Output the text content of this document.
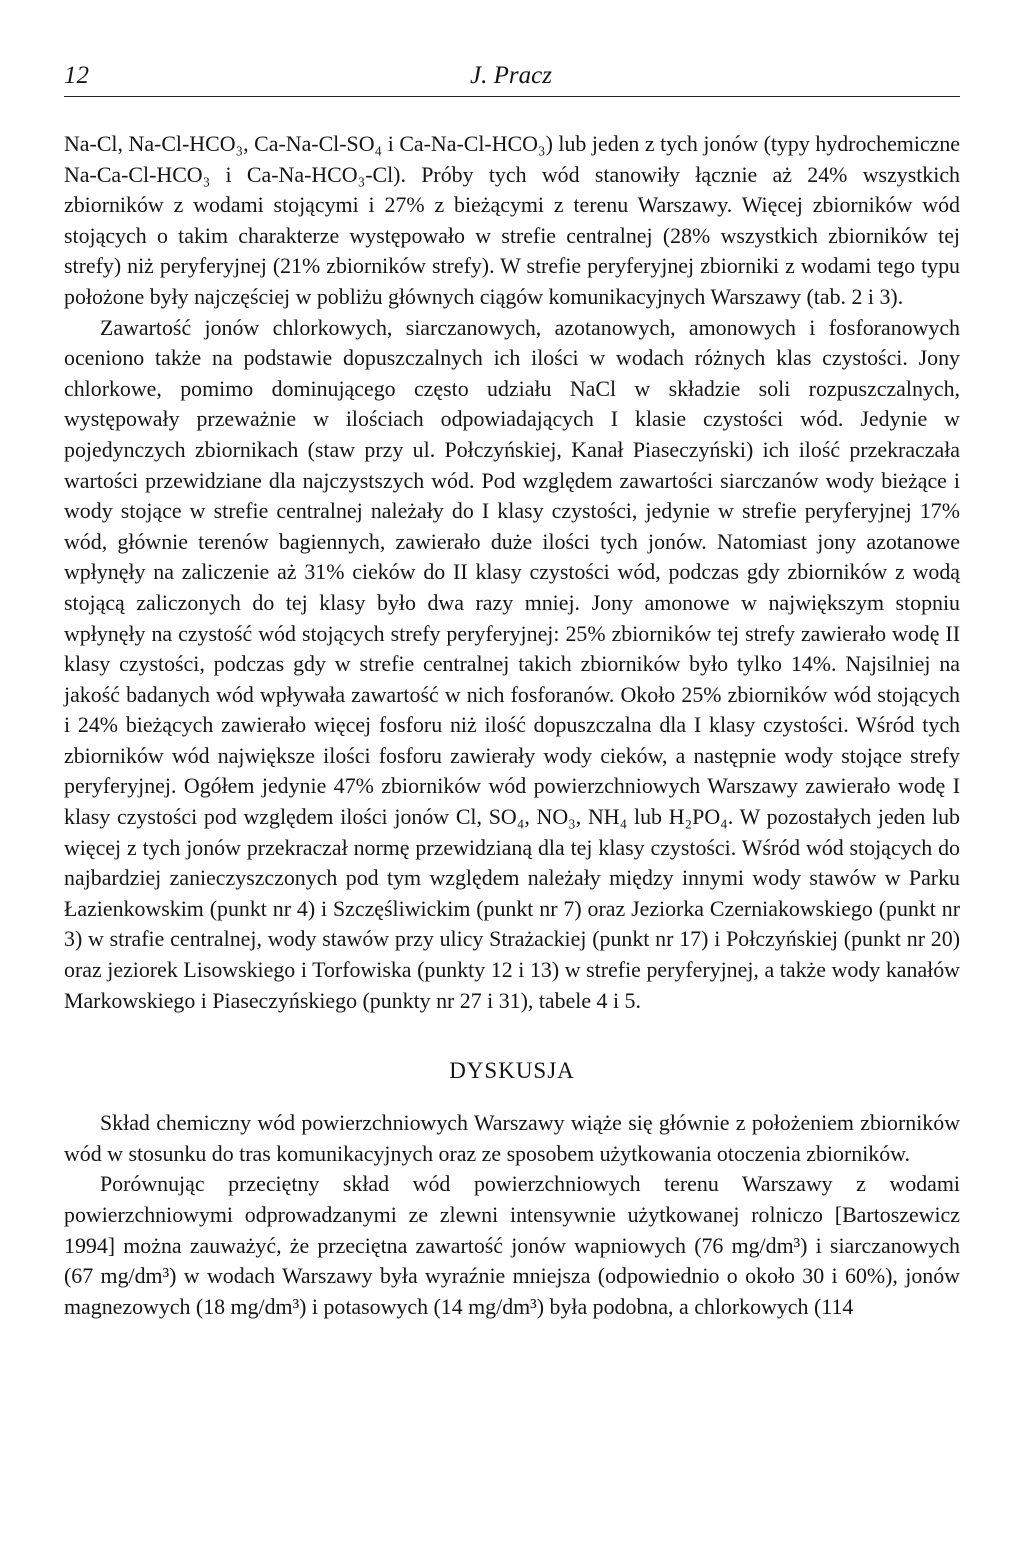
12	J. Pracz

Na-Cl, Na-Cl-HCO₃, Ca-Na-Cl-SO₄ i Ca-Na-Cl-HCO₃) lub jeden z tych jonów (typy hydrochemiczne Na-Ca-Cl-HCO₃ i Ca-Na-HCO₃-Cl). Próby tych wód stanowiły łącznie aż 24% wszystkich zbiorników z wodami stojącymi i 27% z bieżącymi z terenu Warszawy. Więcej zbiorników wód stojących o takim charakterze występowało w strefie centralnej (28% wszystkich zbiorników tej strefy) niż peryferyjnej (21% zbiorników strefy). W strefie peryferyjnej zbiorniki z wodami tego typu położone były najczęściej w pobliżu głównych ciągów komunikacyjnych Warszawy (tab. 2 i 3).

Zawartość jonów chlorkowych, siarczanowych, azotanowych, amonowych i fosforanowych oceniono także na podstawie dopuszczalnych ich ilości w wodach różnych klas czystości. Jony chlorkowe, pomimo dominującego często udziału NaCl w składzie soli rozpuszczalnych, występowały przeważnie w ilościach odpowiadających I klasie czystości wód. Jedynie w pojedynczych zbiornikach (staw przy ul. Połczyńskiej, Kanał Piaseczyński) ich ilość przekraczała wartości przewidziane dla najczystszych wód. Pod względem zawartości siarczanów wody bieżące i wody stojące w strefie centralnej należały do I klasy czystości, jedynie w strefie peryferyjnej 17% wód, głównie terenów bagiennych, zawierało duże ilości tych jonów. Natomiast jony azotanowe wpłynęły na zaliczenie aż 31% cieków do II klasy czystości wód, podczas gdy zbiorników z wodą stojącą zaliczonych do tej klasy było dwa razy mniej. Jony amonowe w największym stopniu wpłynęły na czystość wód stojących strefy peryferyjnej: 25% zbiorników tej strefy zawierało wodę II klasy czystości, podczas gdy w strefie centralnej takich zbiorników było tylko 14%. Najsilniej na jakość badanych wód wpływała zawartość w nich fosforanów. Około 25% zbiorników wód stojących i 24% bieżących zawierało więcej fosforu niż ilość dopuszczalna dla I klasy czystości. Wśród tych zbiorników wód największe ilości fosforu zawierały wody cieków, a następnie wody stojące strefy peryferyjnej. Ogółem jedynie 47% zbiorników wód powierzchniowych Warszawy zawierało wodę I klasy czystości pod względem ilości jonów Cl, SO₄, NO₃, NH₄ lub H₂PO₄. W pozostałych jeden lub więcej z tych jonów przekraczał normę przewidzianą dla tej klasy czystości. Wśród wód stojących do najbardziej zanieczyszczonych pod tym względem należały między innymi wody stawów w Parku Łazienkowskim (punkt nr 4) i Szczęśliwickim (punkt nr 7) oraz Jeziorka Czerniakowskiego (punkt nr 3) w strafie centralnej, wody stawów przy ulicy Strażackiej (punkt nr 17) i Połczyńskiej (punkt nr 20) oraz jeziorek Lisowskiego i Torfowiska (punkty 12 i 13) w strefie peryferyjnej, a także wody kanałów Markowskiego i Piaseczyńskiego (punkty nr 27 i 31), tabele 4 i 5.

DYSKUSJA

Skład chemiczny wód powierzchniowych Warszawy wiąże się głównie z położeniem zbiorników wód w stosunku do tras komunikacyjnych oraz ze sposobem użytkowania otoczenia zbiorników.

Porównując przeciętny skład wód powierzchniowych terenu Warszawy z wodami powierzchniowymi odprowadzanymi ze zlewni intensywnie użytkowanej rolniczo [Bartoszewicz 1994] można zauważyć, że przeciętna zawartość jonów wapniowych (76 mg/dm³) i siarczanowych (67 mg/dm³) w wodach Warszawy była wyraźnie mniejsza (odpowiednio o około 30 i 60%), jonów magnezowych (18 mg/dm³) i potasowych (14 mg/dm³) była podobna, a chlorkowych (114
